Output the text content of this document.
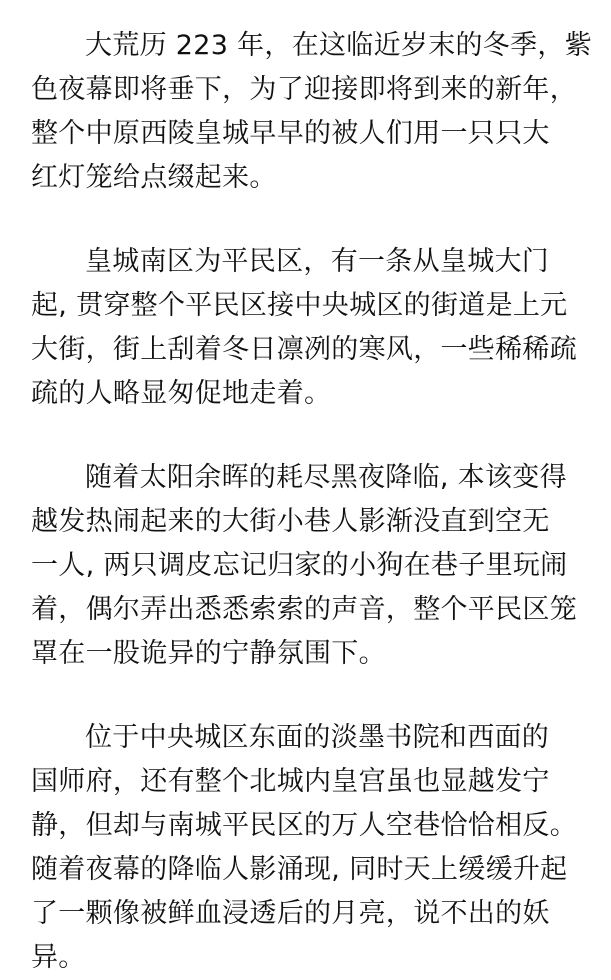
大荒历 223 年，在这临近岁末的冬季，紫
色夜幕即将垂下，为了迎接即将到来的新年，
整个中原西陵皇城早早的被人们用一只只大
红灯笼给点缀起来。
皇城南区为平民区，有一条从皇城大门
起, 贯穿整个平民区接中央城区的街道是上元
大街，街上刮着冬日凛冽的寒风，一些稀稀疏
疏的人略显匆促地走着。
随着太阳余晖的耗尽黑夜降临, 本该变得
越发热闹起来的大街小巷人影渐没直到空无
一人, 两只调皮忘记归家的小狗在巷子里玩闹
着，偶尔弄出悉悉索索的声音，整个平民区笼
罩在一股诡异的宁静氛围下。
位于中央城区东面的淡墨书院和西面的
国师府，还有整个北城内皇宫虽也显越发宁
静，但却与南城平民区的万人空巷恰恰相反。
随着夜幕的降临人影涌现, 同时天上缓缓升起
了一颗像被鲜血浸透后的月亮，说不出的妖
异。
